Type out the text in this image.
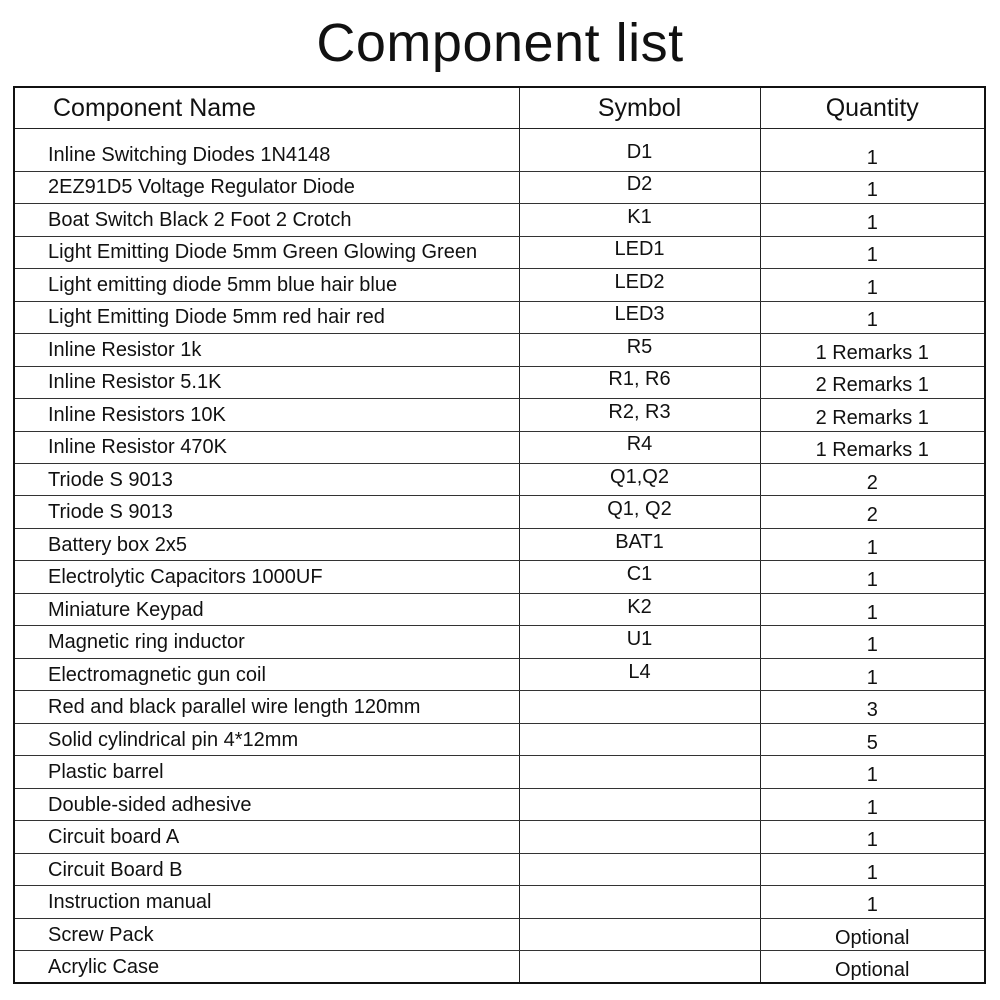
Component list
Component Name	Symbol	Quantity

Inline Switching Diodes 1N4148	D1	1
2EZ91D5 Voltage Regulator Diode	D2	1
Boat Switch Black 2 Foot 2 Crotch	K1	1
Light Emitting Diode 5mm Green Glowing Green	LED1	1
Light emitting diode 5mm blue hair blue	LED2	1
Light Emitting Diode 5mm red hair red	LED3	1
Inline Resistor 1k	R5	1 Remarks 1
Inline Resistor 5.1K	R1, R6	2 Remarks 1
Inline Resistors 10K	R2, R3	2 Remarks 1
Inline Resistor 470K	R4	1 Remarks 1
Triode S 9013	Q1,Q2	2
Triode S 9013	Q1, Q2	2
Battery box 2x5	BAT1	1
Electrolytic Capacitors 1000UF	C1	1
Miniature Keypad	K2	1
Magnetic ring inductor	U1	1
Electromagnetic gun coil	L4	1
Red and black parallel wire length 120mm		3
Solid cylindrical pin 4*12mm		5
Plastic barrel		1
Double-sided adhesive		1
Circuit board A		1
Circuit Board B		1
Instruction manual		1
Screw Pack		Optional
Acrylic Case		Optional
